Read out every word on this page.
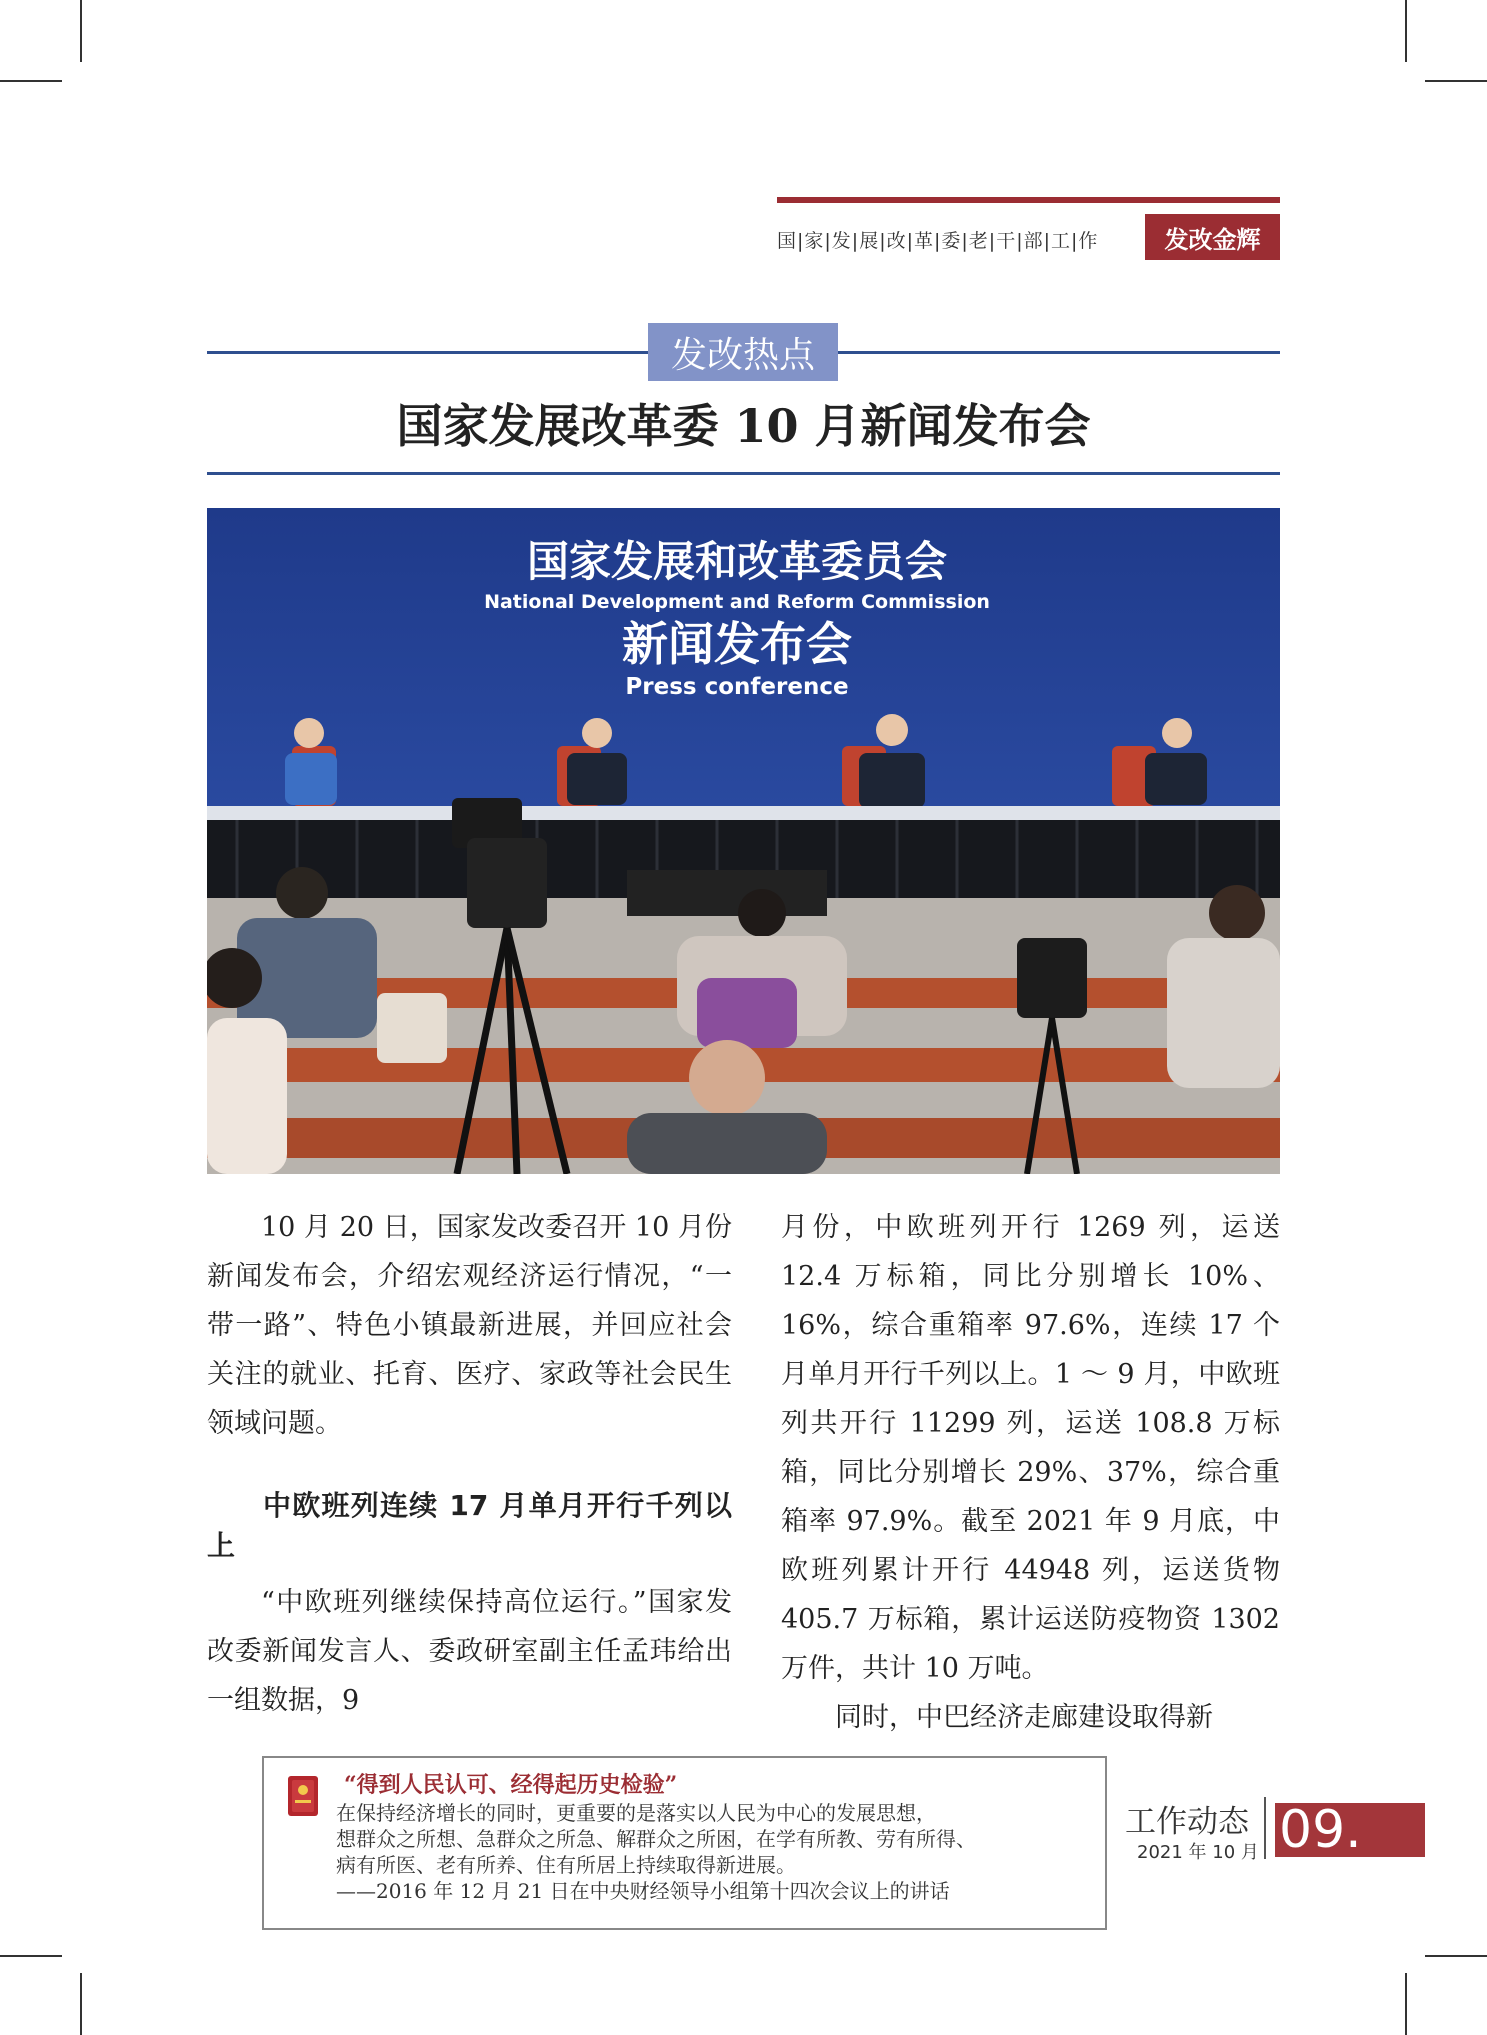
国|家|发|展|改|革|委|老|干|部|工|作	发改金辉
发改热点
国家发展改革委 10 月新闻发布会
国家发展和改革委员会
National Development and Reform Commission
新闻发布会
Press conference

10 月 20 日，国家发改委召开 10 月份新闻发布会，介绍宏观经济运行情况，“一带一路”、特色小镇最新进展，并回应社会关注的就业、托育、医疗、家政等社会民生领域问题。

中欧班列连续 17 月单月开行千列以上

“中欧班列继续保持高位运行。”国家发改委新闻发言人、委政研室副主任孟玮给出一组数据，9

月份，中欧班列开行 1269 列，运送 12.4 万标箱，同比分别增长 10%、16%，综合重箱率 97.6%，连续 17 个月单月开行千列以上。1 ～ 9 月，中欧班列共开行 11299 列，运送 108.8 万标箱，同比分别增长 29%、37%，综合重箱率 97.9%。截至 2021 年 9 月底，中欧班列累计开行 44948 列，运送货物 405.7 万标箱，累计运送防疫物资 1302 万件，共计 10 万吨。

同时，中巴经济走廊建设取得新

“得到人民认可、经得起历史检验”

在保持经济增长的同时，更重要的是落实以人民为中心的发展思想，

想群众之所想、急群众之所急、解群众之所困，在学有所教、劳有所得、

病有所医、老有所养、住有所居上持续取得新进展。

——2016 年 12 月 21 日在中央财经领导小组第十四次会议上的讲话

工作动态
2021 年 10 月 09.
